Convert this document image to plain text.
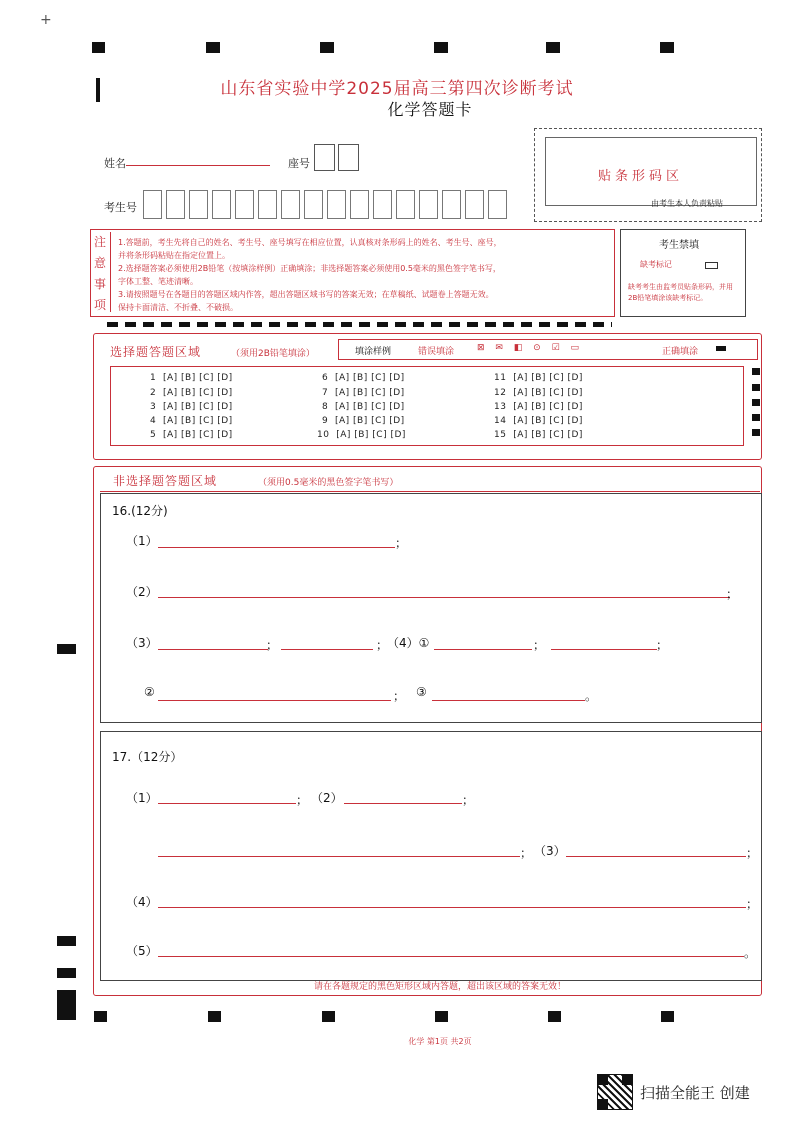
+
山东省实验中学2025届高三第四次诊断考试
化学答题卡
姓名	座号
考生号
贴条形码区
由考生本人负责粘贴
注
意
事
项
1.答题前，考生先将自己的姓名、考生号、座号填写在相应位置，认真核对条形码上的姓名、考生号、座号，
并将条形码粘贴在指定位置上。
2.选择题答案必须使用2B铅笔（按填涂样例）正确填涂；非选择题答案必须使用0.5毫米的黑色签字笔书写，
字体工整、笔迹清晰。
3.请按照题号在各题目的答题区域内作答，超出答题区域书写的答案无效；在草稿纸、试题卷上答题无效。
保持卡面清洁、不折叠、不破损。
考生禁填
缺考标记
缺考考生由监考员贴条形码，并用2B铅笔填涂该缺考标记。
选择题答题区域	（须用2B铅笔填涂）	填涂样例	错误填涂	⊠ ✉ ◧ ⊙ ☑ ▭	正确填涂
1 [A] [B] [C] [D]
2 [A] [B] [C] [D]
3 [A] [B] [C] [D]
4 [A] [B] [C] [D]
5 [A] [B] [C] [D]
6 [A] [B] [C] [D]
7 [A] [B] [C] [D]
8 [A] [B] [C] [D]
9 [A] [B] [C] [D]
10 [A] [B] [C] [D]
11 [A] [B] [C] [D]
12 [A] [B] [C] [D]
13 [A] [B] [C] [D]
14 [A] [B] [C] [D]
15 [A] [B] [C] [D]
非选择题答题区域	（须用0.5毫米的黑色签字笔书写）
16.(12分)
（1）	；
（2）	；
（3）	；	；
（4）①	；	；
②	； ③	。
17.（12分）
（1）	； （2）	；
； （3）	；
（4）	；
（5）	。
请在各题规定的黑色矩形区域内答题，超出该区域的答案无效！
化学 第1页 共2页
扫描全能王 创建
